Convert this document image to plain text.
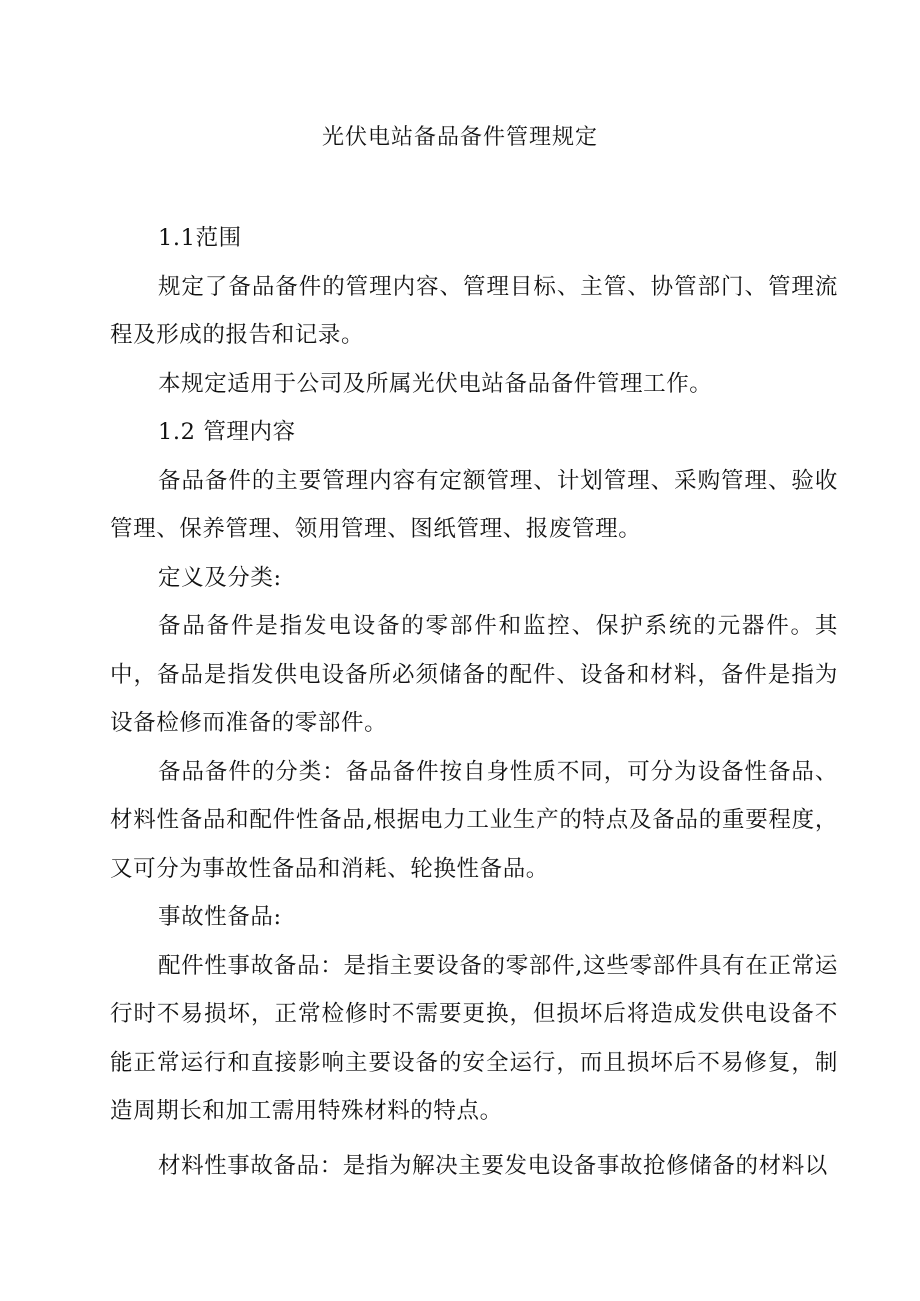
光伏电站备品备件管理规定

1.1范围

规定了备品备件的管理内容、管理目标、主管、协管部门、管理流程及形成的报告和记录。

本规定适用于公司及所属光伏电站备品备件管理工作。

1.2 管理内容

备品备件的主要管理内容有定额管理、计划管理、采购管理、验收管理、保养管理、领用管理、图纸管理、报废管理。

定义及分类:

备品备件是指发电设备的零部件和监控、保护系统的元器件。其中，备品是指发供电设备所必须储备的配件、设备和材料，备件是指为设备检修而准备的零部件。

备品备件的分类：备品备件按自身性质不同，可分为设备性备品、材料性备品和配件性备品,根据电力工业生产的特点及备品的重要程度，又可分为事故性备品和消耗、轮换性备品。

事故性备品:

配件性事故备品：是指主要设备的零部件,这些零部件具有在正常运行时不易损坏，正常检修时不需要更换，但损坏后将造成发供电设备不能正常运行和直接影响主要设备的安全运行，而且损坏后不易修复，制造周期长和加工需用特殊材料的特点。

材料性事故备品：是指为解决主要发电设备事故抢修储备的材料以
